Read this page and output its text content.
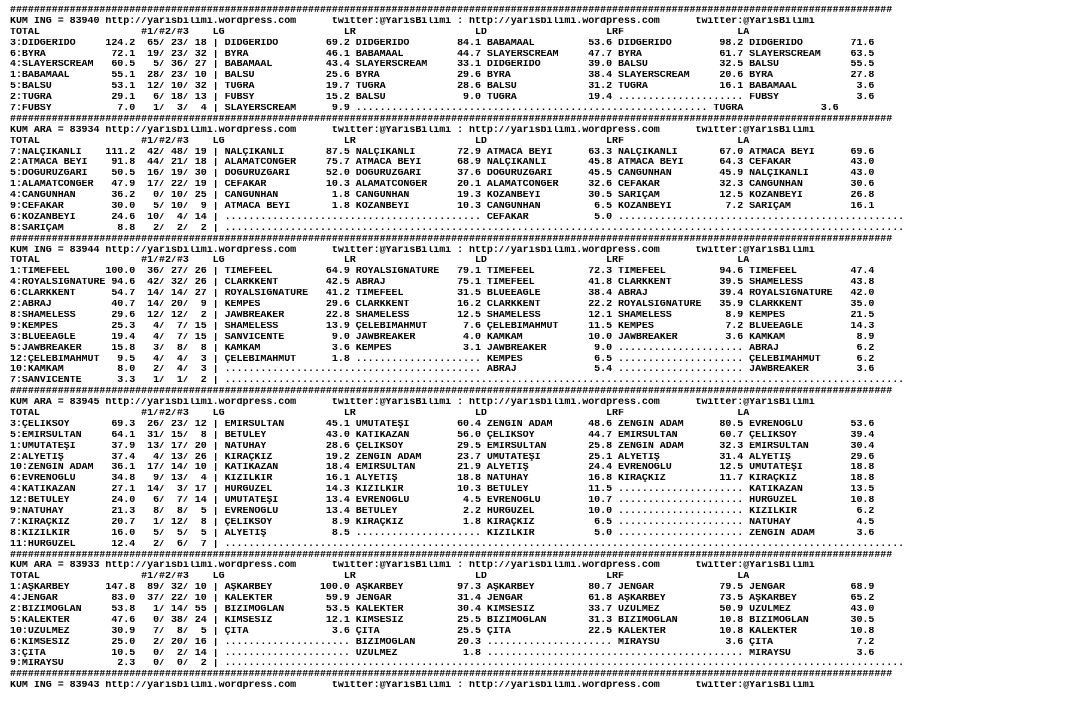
####################################################################################################################################################
KUM ING = 83940 http://yarisbilimi.wordpress.com      twitter:@YarisBilimi : http://yarisbilimi.wordpress.com      twitter:@YarisBilimi
TOTAL                 #1/#2/#3    LG                    LR                    LD                    LRF                   LA
3:DIDGERIDO     124.2  65/ 23/ 18 | DIDGERIDO        69.2 DIDGERIDO        84.1 BABAMAAL         53.6 DIDGERIDO        98.2 DIDGERIDO        71.6
6:BYRA           72.1  19/ 23/ 32 | BYRA             46.1 BABAMAAL         44.7 SLAYERSCREAM     47.7 BYRA             61.7 SLAYERSCREAM     63.5
4:SLAYERSCREAM   60.5   5/ 36/ 27 | BABAMAAL         43.4 SLAYERSCREAM     33.1 DIDGERIDO        39.0 BALSU            32.5 BALSU            55.5
1:BABAMAAL       55.1  28/ 23/ 10 | BALSU            25.6 BYRA             29.6 BYRA             38.4 SLAYERSCREAM     20.6 BYRA             27.8
5:BALSU          53.1  12/ 10/ 32 | TUĞRA            19.7 TUĞRA            28.6 BALSU            31.2 TUĞRA            16.1 BABAMAAL          3.6
2:TUĞRA          29.1   6/ 18/ 13 | FUBSY            15.2 BALSU             9.0 TUĞRA            19.4 ..................... FUBSY             3.6
7:FUBSY           7.0   1/  3/  4 | SLAYERSCREAM      9.9 ........................................................... TUĞRA             3.6
####################################################################################################################################################
KUM ARA = 83934 http://yarisbilimi.wordpress.com      twitter:@YarisBilimi : http://yarisbilimi.wordpress.com      twitter:@YarisBilimi
TOTAL                 #1/#2/#3    LG                    LR                    LD                    LRF                   LA
7:NALÇIKANLI    111.2  42/ 48/ 19 | NALÇIKANLI       87.5 NALÇIKANLI       72.9 ATMACA BEYİ      63.3 NALÇIKANLI       67.0 ATMACA BEYİ      69.6
2:ATMACA BEYİ    91.8  44/ 21/ 18 | ALAMATCONGER     75.7 ATMACA BEYİ      68.9 NALÇIKANLI       45.8 ATMACA BEYİ      64.3 CEFAKAR          43.0
5:DOĞURUZGARI    50.5  16/ 19/ 30 | DOĞURUZGARI      52.0 DOĞURUZGARI      37.6 DOĞURUZGARI      45.5 CANGÜNHAN        45.9 NALÇIKANLI       43.0
1:ALAMATCONGER   47.9  17/ 22/ 19 | CEFAKAR          10.3 ALAMATCONGER     20.1 ALAMATCONGER     32.6 CEFAKAR          32.3 CANGÜNHAN        30.6
4:CANGÜNHAN      36.2   0/ 10/ 25 | CANGÜNHAN         1.8 CANGÜNHAN        19.3 KOZANBEYİ        30.5 SARIÇAM          12.5 KOZANBEYİ        26.8
9:CEFAKAR        30.0   5/ 10/  9 | ATMACA BEYİ       1.8 KOZANBEYİ        10.3 CANGÜNHAN         6.5 KOZANBEYİ         7.2 SARIÇAM          16.1
6:KOZANBEYİ      24.6  10/  4/ 14 | ........................................... CEFAKAR           5.0 ................................................
8:SARIÇAM         8.8   2/  2/  2 | ..................................................................................................................
####################################################################################################################################################
KUM ING = 83944 http://yarisbilimi.wordpress.com      twitter:@YarisBilimi : http://yarisbilimi.wordpress.com      twitter:@YarisBilimi
TOTAL                 #1/#2/#3    LG                    LR                    LD                    LRF                   LA
1:TIMEFEEL      100.0  36/ 27/ 26 | TIMEFEEL         64.9 ROYALSIGNATURE   79.1 TIMEFEEL         72.3 TIMEFEEL         94.6 TIMEFEEL         47.4
4:ROYALSIGNATURE 94.6  42/ 32/ 26 | CLARKKENT        42.5 ABRAJ            75.1 TIMEFEEL         41.8 CLARKKENT        39.5 SHAMELESS        43.8
6:CLARKKENT      54.7  14/ 14/ 27 | ROYALSIGNATURE   41.2 TIMEFEEL         31.5 BLUEEAGLE        38.4 ABRAJ            39.4 ROYALSIGNATURE   42.0
2:ABRAJ          40.7  14/ 20/  9 | KEMPES           29.6 CLARKKENT        16.2 CLARKKENT        22.2 ROYALSIGNATURE   35.9 CLARKKENT        35.0
8:SHAMELESS      29.6  12/ 12/  2 | JAWBREAKER       22.8 SHAMELESS        12.5 SHAMELESS        12.1 SHAMELESS         8.9 KEMPES           21.5
9:KEMPES         25.3   4/  7/ 15 | SHAMELESS        13.9 ÇELEBİMAHMUT      7.6 ÇELEBİMAHMUT     11.5 KEMPES            7.2 BLUEEAGLE        14.3
3:BLUEEAGLE      19.4   4/  7/ 15 | SANVICENTE        9.0 JAWBREAKER        4.0 KAMKAM           10.0 JAWBREAKER        3.6 KAMKAM            8.9
5:JAWBREAKER     15.8   3/  8/  8 | KAMKAM            3.6 KEMPES            3.1 JAWBREAKER        9.0 ..................... ABRAJ             6.2
12:ÇELEBİMAHMUT   9.5   4/  4/  3 | ÇELEBİMAHMUT      1.8 ..................... KEMPES            6.5 ..................... ÇELEBİMAHMUT      6.2
10:KAMKAM         8.0   2/  4/  3 | ........................................... ABRAJ             5.4 ..................... JAWBREAKER        3.6
7:SANVICENTE      3.3   1/  1/  2 | ..................................................................................................................
####################################################################################################################################################
KUM ARA = 83945 http://yarisbilimi.wordpress.com      twitter:@YarisBilimi : http://yarisbilimi.wordpress.com      twitter:@YarisBilimi
TOTAL                 #1/#2/#3    LG                    LR                    LD                    LRF                   LA
3:ÇELİKSOY       69.3  26/ 23/ 12 | EMİRSULTAN       45.1 UMUTATEŞİ        60.4 ZENGİN ADAM      48.6 ZENGİN ADAM      80.5 EVRENOĞLU        53.6
5:EMİRSULTAN     64.1  31/ 15/  8 | BETÜLEY          43.0 KATIKAZAN        56.0 ÇELİKSOY         44.7 EMİRSULTAN       60.7 ÇELİKSOY         39.4
1:UMUTATEŞİ      37.9  13/ 17/ 20 | NATUHAY          28.6 ÇELİKSOY         29.5 EMİRSULTAN       25.8 ZENGİN ADAM      32.3 EMİRSULTAN       30.4
2:ALYETİŞ        37.4   4/ 13/ 26 | KIRAÇKIZ         19.2 ZENGİN ADAM      23.7 UMUTATEŞİ        25.1 ALYETİŞ          31.4 ALYETİŞ          29.6
10:ZENGİN ADAM   36.1  17/ 14/ 10 | KATIKAZAN        18.4 EMİRSULTAN       21.9 ALYETİŞ          24.4 EVRENOĞLU        12.5 UMUTATEŞİ        18.8
6:EVRENOĞLU      34.8   9/ 13/  4 | KIZILKIR         16.1 ALYETİŞ          18.8 NATUHAY          16.8 KIRAÇKIZ         11.7 KIRAÇKIZ         18.8
4:KATIKAZAN      27.1  14/  3/ 17 | HÜRGÜZEL         14.3 KIZILKIR         10.3 BETÜLEY          11.5 ..................... KATIKAZAN        13.5
12:BETÜLEY       24.0   6/  7/ 14 | UMUTATEŞİ        13.4 EVRENOĞLU         4.5 EVRENOĞLU        10.7 ..................... HÜRGÜZEL         10.8
9:NATUHAY        21.3   8/  8/  5 | EVRENOĞLU        13.4 BETÜLEY           2.2 HÜRGÜZEL         10.0 ..................... KIZILKIR          6.2
7:KIRAÇKIZ       20.7   1/ 12/  8 | ÇELİKSOY          8.9 KIRAÇKIZ          1.8 KIRAÇKIZ          6.5 ..................... NATUHAY           4.5
8:KIZILKIR       16.0   5/  5/  5 | ALYETİŞ           8.5 ..................... KIZILKIR          5.0 ..................... ZENGİN ADAM       3.6
11:HÜRGÜZEL      12.4   2/  6/  7 | ..................................................................................................................
####################################################################################################################################################
KUM ARA = 83933 http://yarisbilimi.wordpress.com      twitter:@YarisBilimi : http://yarisbilimi.wordpress.com      twitter:@YarisBilimi
TOTAL                 #1/#2/#3    LG                    LR                    LD                    LRF                   LA
1:AŞKARBEY      147.8  89/ 32/ 10 | AŞKARBEY        100.0 AŞKARBEY         97.3 AŞKARBEY         80.7 JENGAR           79.5 JENGAR           68.9
4:JENGAR         83.0  37/ 22/ 10 | KALEKTER         59.9 JENGAR           31.4 JENGAR           61.8 AŞKARBEY         73.5 AŞKARBEY         65.2
2:BİZİMOĞLAN     53.8   1/ 14/ 55 | BİZİMOĞLAN       53.5 KALEKTER         30.4 KİMSESİZ         33.7 ÜZÜLMEZ          50.9 ÜZÜLMEZ          43.0
5:KALEKTER       47.6   0/ 38/ 24 | KİMSESİZ         12.1 KİMSESİZ         25.5 BİZİMOĞLAN       31.3 BİZİMOĞLAN       10.8 BİZİMOĞLAN       30.5
10:ÜZÜLMEZ       30.9   7/  8/  5 | ÇITA              3.6 ÇITA             25.5 ÇITA             22.5 KALEKTER         10.8 KALEKTER         10.8
6:KİMSESİZ       25.0   2/ 20/ 16 | ..................... BİZİMOĞLAN       20.3 ..................... MIRAYSU           3.6 ÇITA              7.2
3:ÇITA           10.5   0/  2/ 14 | ..................... ÜZÜLMEZ           1.8 ........................................... MIRAYSU           3.6
9:MIRAYSU         2.3   0/  0/  2 | ..................................................................................................................
####################################################################################################################################################
KUM ING = 83943 http://yarisbilimi.wordpress.com      twitter:@YarisBilimi : http://yarisbilimi.wordpress.com      twitter:@YarisBilimi
